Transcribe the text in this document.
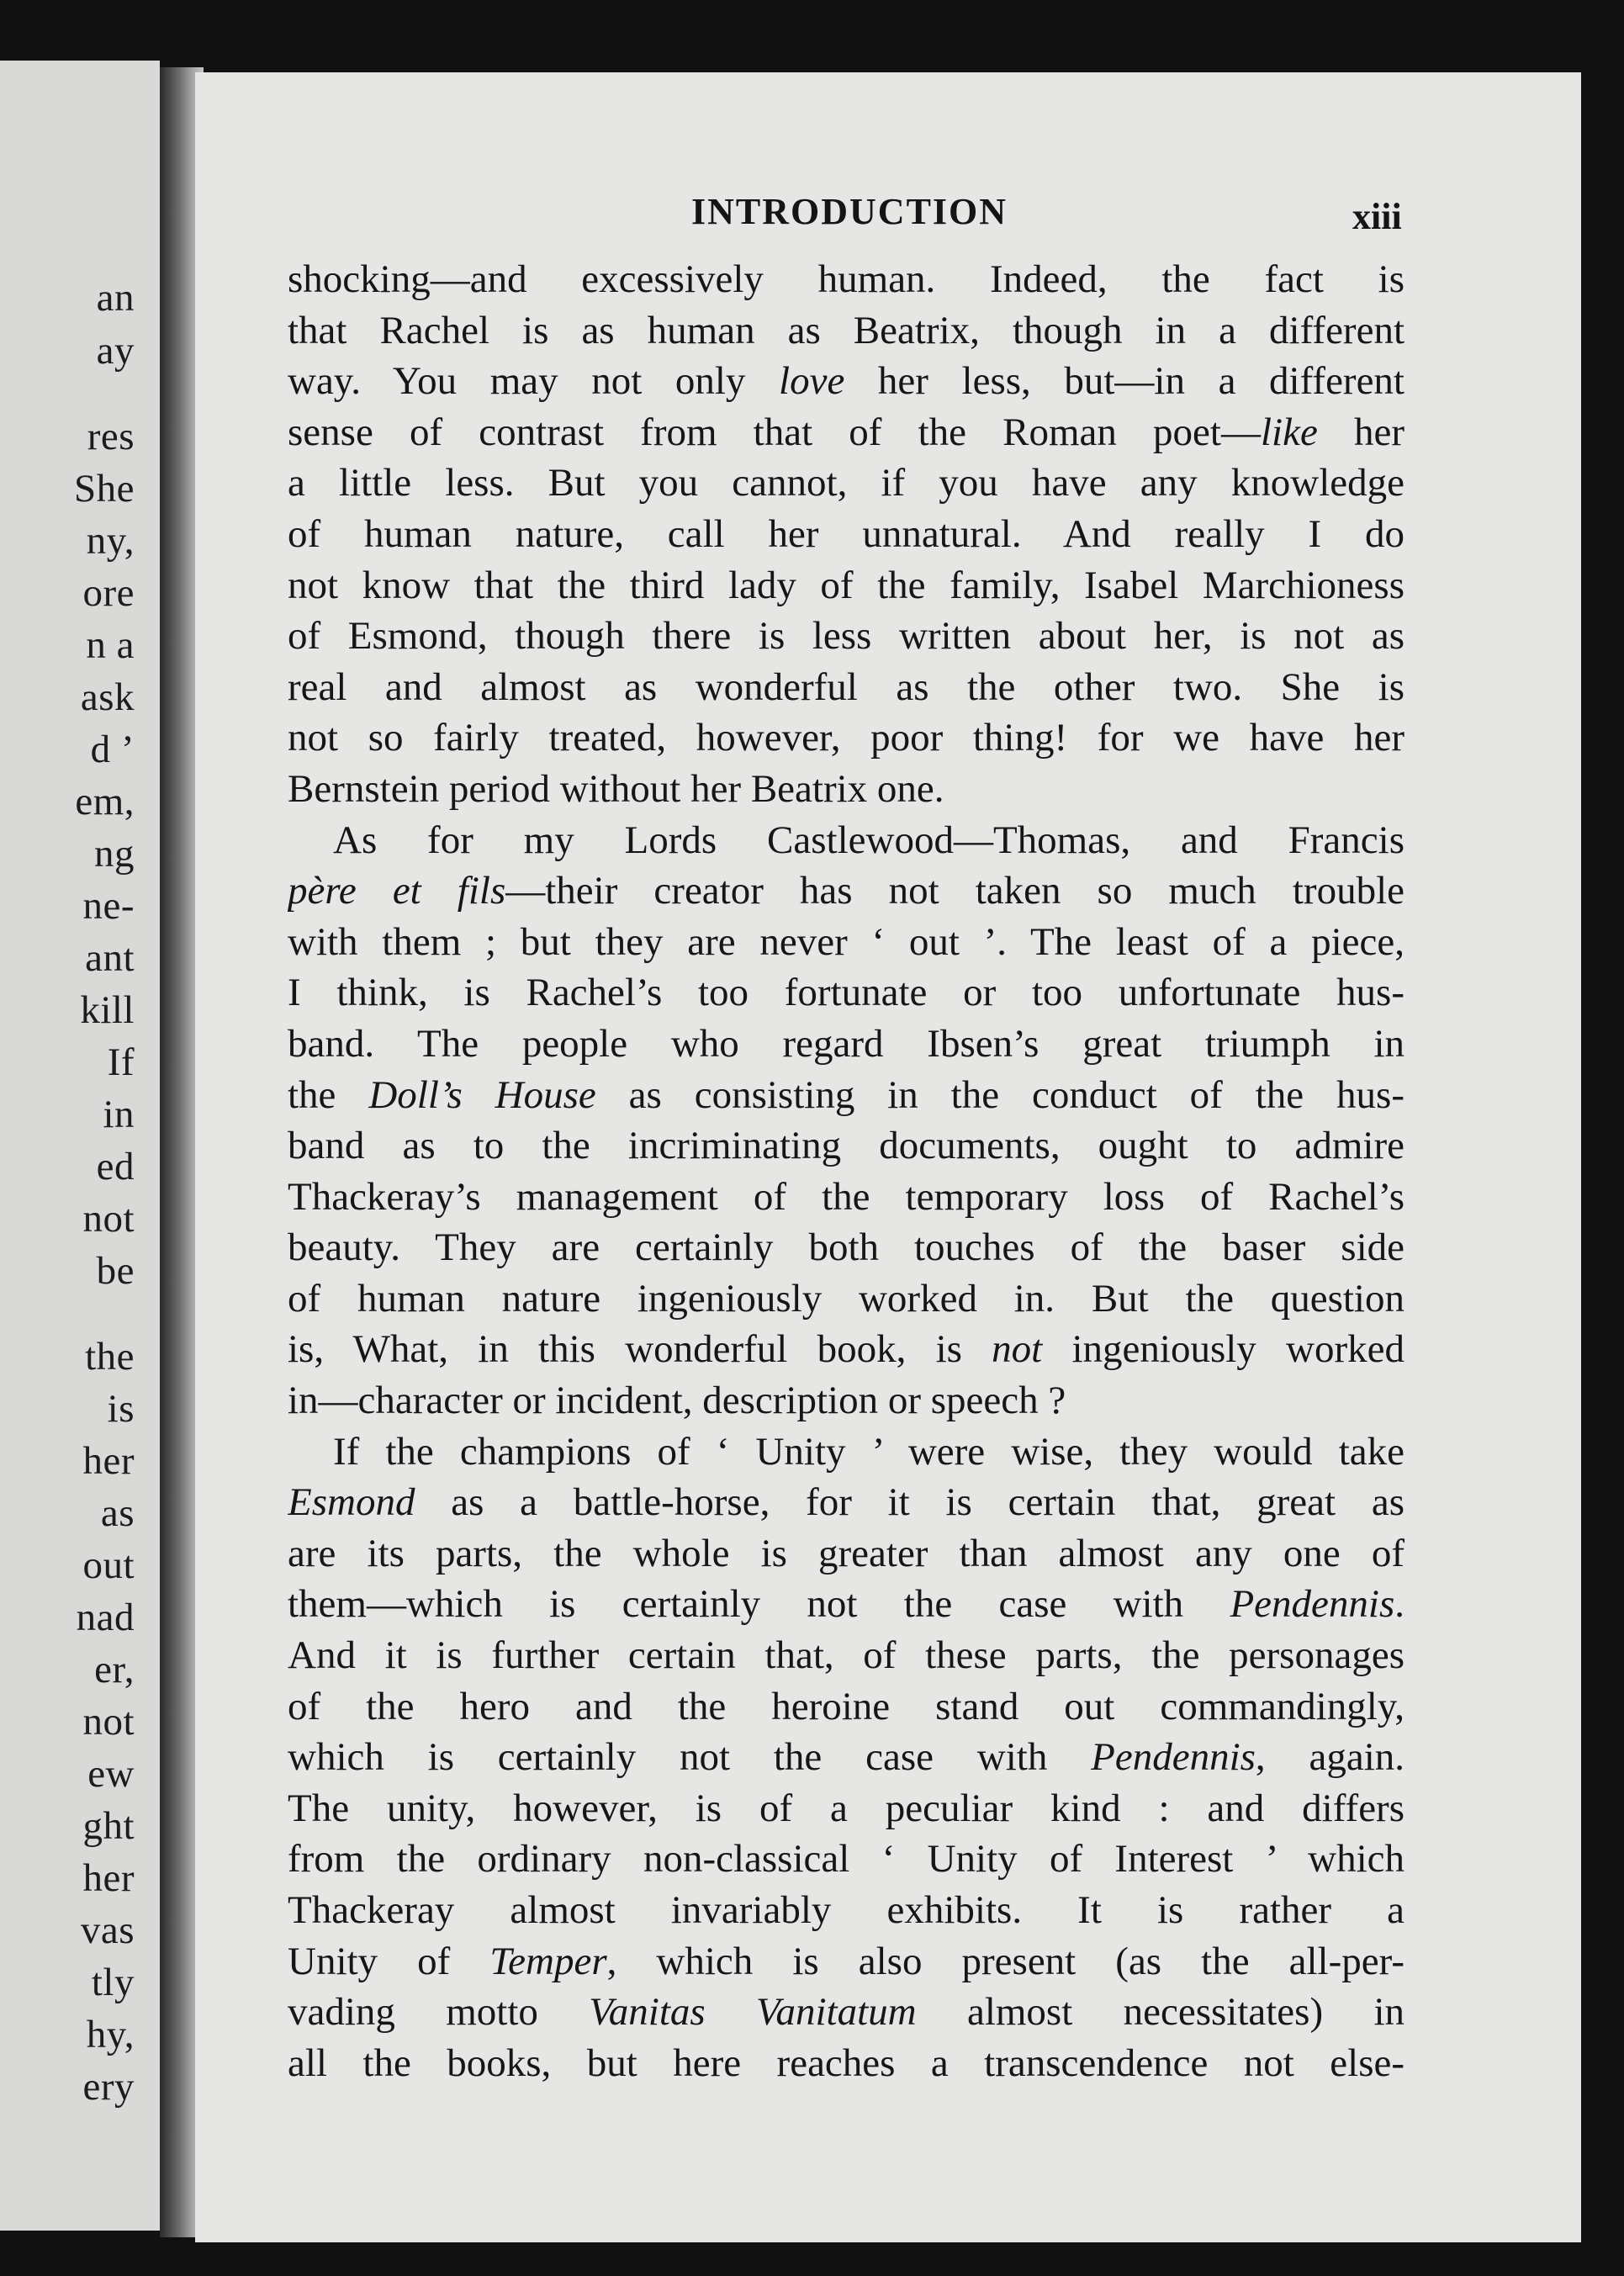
an
ay
res
She
ny,
ore
n a
ask
d ’
em,
ng
ne-
ant
kill
If
in
ed
not
be
the
is
her
as
out
nad
er,
not
ew
ght
her
vas
tly
hy,
ery
INTRODUCTION	xiii
shocking—and excessively human. Indeed, the fact is
that Rachel is as human as Beatrix, though in a different
way. You may not only love her less, but—in a different
sense of contrast from that of the Roman poet—like her
a little less. But you cannot, if you have any knowledge
of human nature, call her unnatural. And really I do
not know that the third lady of the family, Isabel Marchioness
of Esmond, though there is less written about her, is not as
real and almost as wonderful as the other two. She is
not so fairly treated, however, poor thing! for we have her
Bernstein period without her Beatrix one.
As for my Lords Castlewood—Thomas, and Francis
père et fils—their creator has not taken so much trouble
with them ; but they are never ‘ out ’. The least of a piece,
I think, is Rachel’s too fortunate or too unfortunate hus-
band. The people who regard Ibsen’s great triumph in
the Doll’s House as consisting in the conduct of the hus-
band as to the incriminating documents, ought to admire
Thackeray’s management of the temporary loss of Rachel’s
beauty. They are certainly both touches of the baser side
of human nature ingeniously worked in. But the question
is, What, in this wonderful book, is not ingeniously worked
in—character or incident, description or speech ?
If the champions of ‘ Unity ’ were wise, they would take
Esmond as a battle-horse, for it is certain that, great as
are its parts, the whole is greater than almost any one of
them—which is certainly not the case with Pendennis.
And it is further certain that, of these parts, the personages
of the hero and the heroine stand out commandingly,
which is certainly not the case with Pendennis, again.
The unity, however, is of a peculiar kind : and differs
from the ordinary non-classical ‘ Unity of Interest ’ which
Thackeray almost invariably exhibits. It is rather a
Unity of Temper, which is also present (as the all-per-
vading motto Vanitas Vanitatum almost necessitates) in
all the books, but here reaches a transcendence not else-
